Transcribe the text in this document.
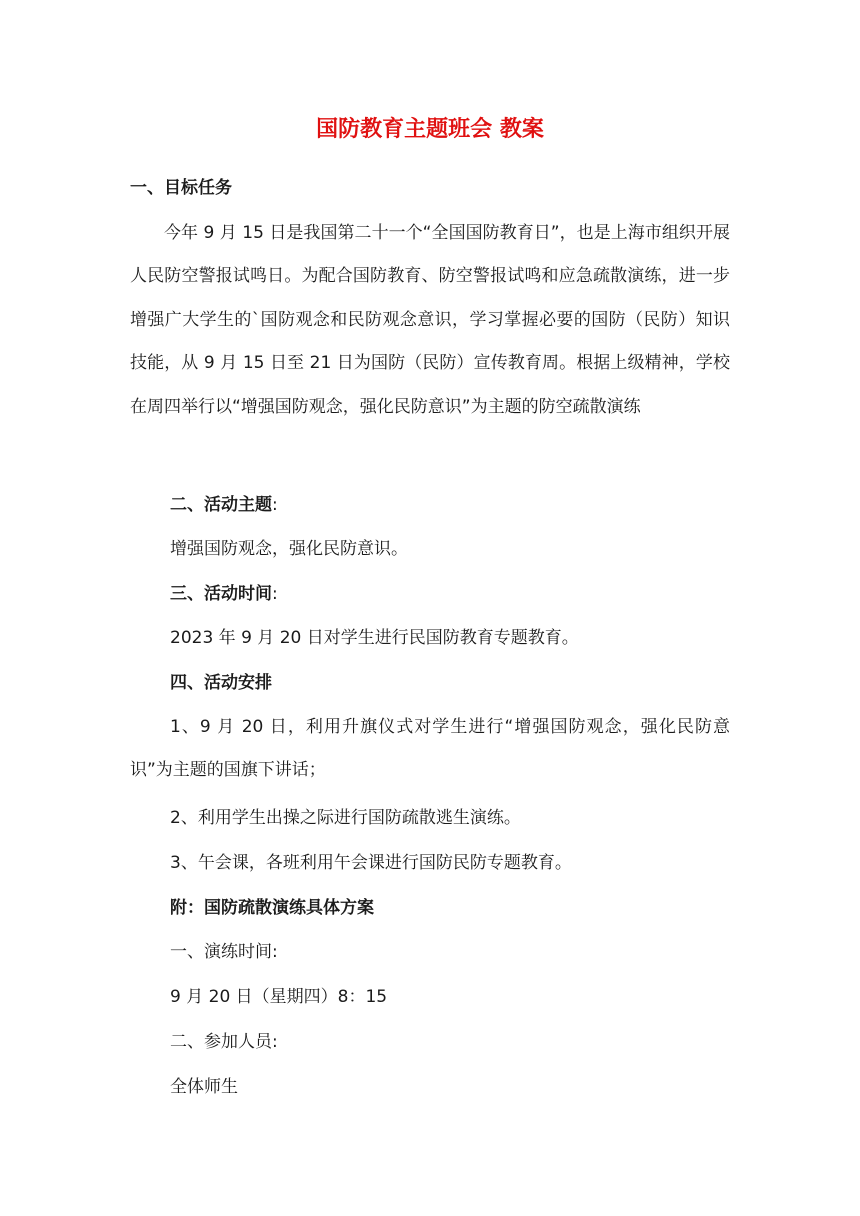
国防教育主题班会 教案

一、目标任务

今年 9 月 15 日是我国第二十一个“全国国防教育日”，也是上海市组织开展人民防空警报试鸣日。为配合国防教育、防空警报试鸣和应急疏散演练，进一步增强广大学生的`国防观念和民防观念意识，学习掌握必要的国防（民防）知识技能，从 9 月 15 日至 21 日为国防（民防）宣传教育周。根据上级精神，学校在周四举行以“增强国防观念，强化民防意识”为主题的防空疏散演练

二、活动主题:

增强国防观念，强化民防意识。

三、活动时间:

2023 年 9 月 20 日对学生进行民国防教育专题教育。

四、活动安排

1、9 月 20 日，利用升旗仪式对学生进行“增强国防观念，强化民防意识”为主题的国旗下讲话；

2、利用学生出操之际进行国防疏散逃生演练。

3、午会课，各班利用午会课进行国防民防专题教育。

附：国防疏散演练具体方案

一、演练时间:

9 月 20 日（星期四）8：15

二、参加人员:

全体师生
